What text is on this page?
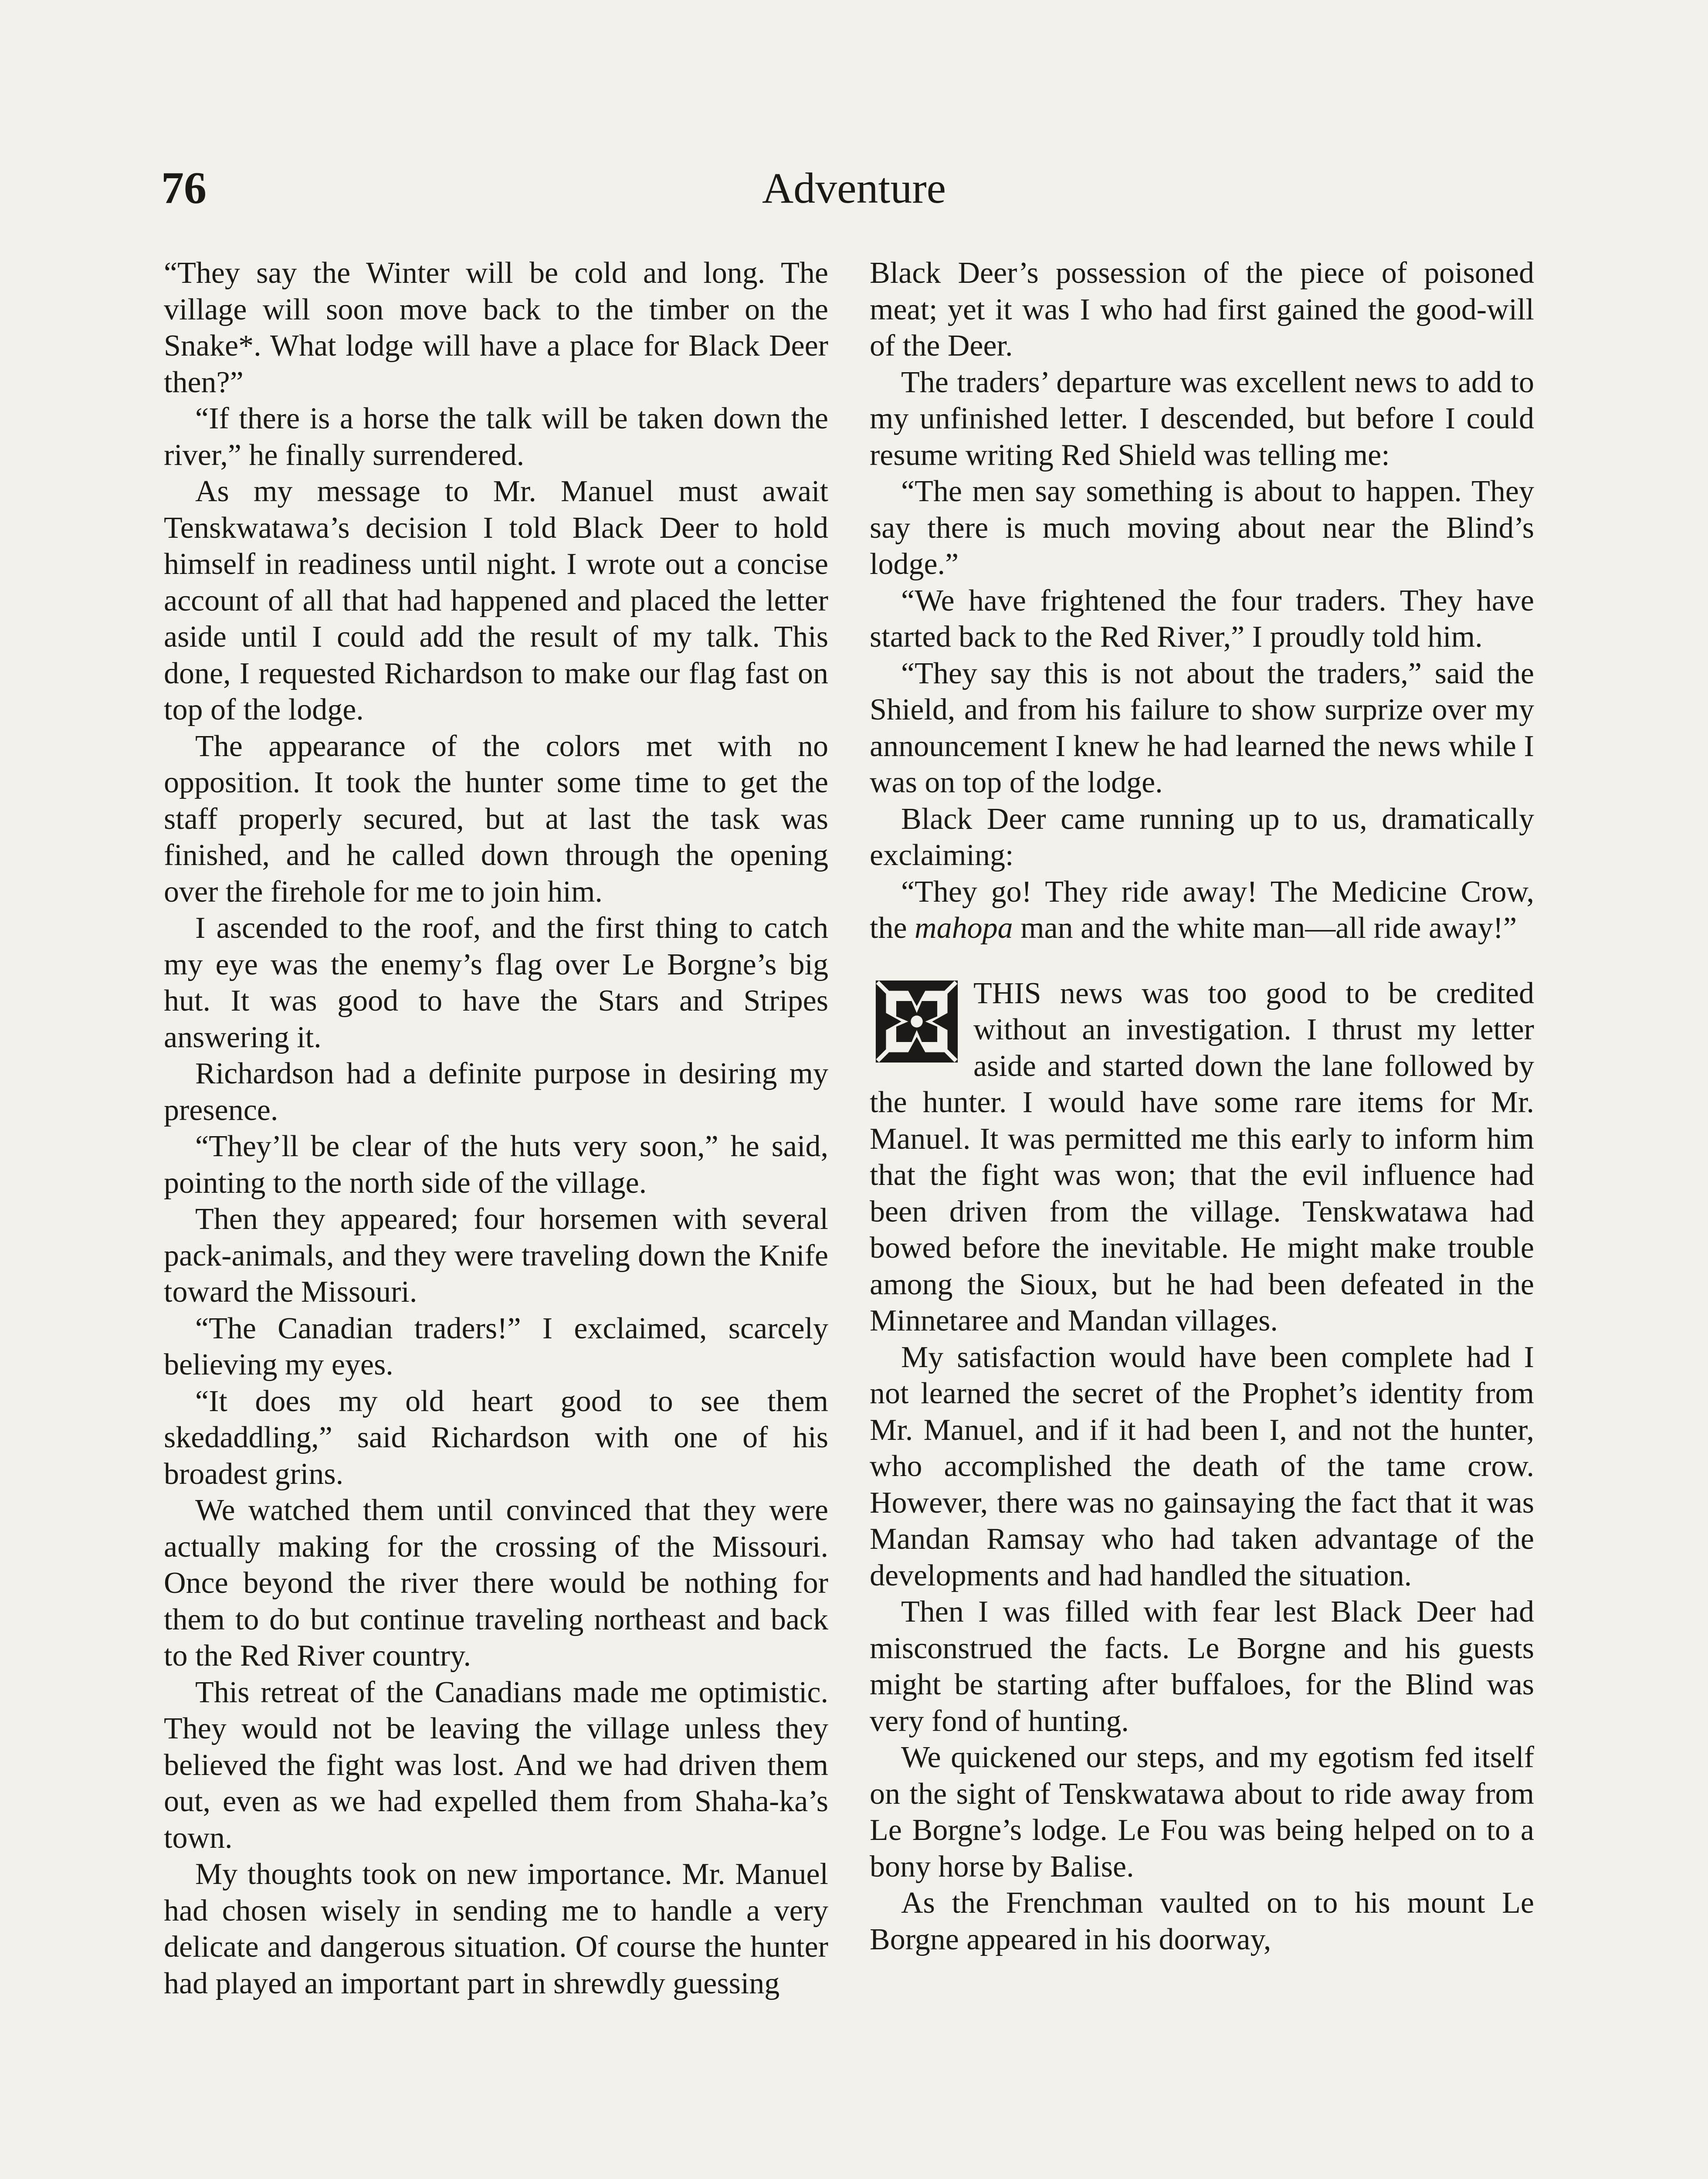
76	Adventure

“They say the Winter will be cold and long. The village will soon move back to the timber on the Snake*. What lodge will have a place for Black Deer then?”

“If there is a horse the talk will be taken down the river,” he finally surrendered.

As my message to Mr. Manuel must await Tenskwatawa’s decision I told Black Deer to hold himself in readiness until night. I wrote out a concise account of all that had happened and placed the letter aside until I could add the result of my talk. This done, I requested Richardson to make our flag fast on top of the lodge.

The appearance of the colors met with no opposition. It took the hunter some time to get the staff properly secured, but at last the task was finished, and he called down through the opening over the firehole for me to join him.

I ascended to the roof, and the first thing to catch my eye was the enemy’s flag over Le Borgne’s big hut. It was good to have the Stars and Stripes answering it.

Richardson had a definite purpose in desiring my presence.

“They’ll be clear of the huts very soon,” he said, pointing to the north side of the village.

Then they appeared; four horsemen with several pack-animals, and they were traveling down the Knife toward the Missouri.

“The Canadian traders!” I exclaimed, scarcely believing my eyes.

“It does my old heart good to see them skedaddling,” said Richardson with one of his broadest grins.

We watched them until convinced that they were actually making for the crossing of the Missouri. Once beyond the river there would be nothing for them to do but continue traveling northeast and back to the Red River country.

This retreat of the Canadians made me optimistic. They would not be leaving the village unless they believed the fight was lost. And we had driven them out, even as we had expelled them from Shaha-ka’s town.

My thoughts took on new importance. Mr. Manuel had chosen wisely in sending me to handle a very delicate and dangerous situation. Of course the hunter had played an important part in shrewdly guessing

Black Deer’s possession of the piece of poisoned meat; yet it was I who had first gained the good-will of the Deer.

The traders’ departure was excellent news to add to my unfinished letter. I descended, but before I could resume writing Red Shield was telling me:

“The men say something is about to happen. They say there is much moving about near the Blind’s lodge.”

“We have frightened the four traders. They have started back to the Red River,” I proudly told him.

“They say this is not about the traders,” said the Shield, and from his failure to show surprize over my announcement I knew he had learned the news while I was on top of the lodge.

Black Deer came running up to us, dramatically exclaiming:

“They go! They ride away! The Medicine Crow, the mahopa man and the white man—all ride away!”

THIS news was too good to be credited without an investigation. I thrust my letter aside and started down the lane followed by the hunter. I would have some rare items for Mr. Manuel. It was permitted me this early to inform him that the fight was won; that the evil influence had been driven from the village. Tenskwatawa had bowed before the inevitable. He might make trouble among the Sioux, but he had been defeated in the Minnetaree and Mandan villages.

My satisfaction would have been complete had I not learned the secret of the Prophet’s identity from Mr. Manuel, and if it had been I, and not the hunter, who accomplished the death of the tame crow. However, there was no gainsaying the fact that it was Mandan Ramsay who had taken advantage of the developments and had handled the situation.

Then I was filled with fear lest Black Deer had misconstrued the facts. Le Borgne and his guests might be starting after buffaloes, for the Blind was very fond of hunting.

We quickened our steps, and my egotism fed itself on the sight of Tenskwatawa about to ride away from Le Borgne’s lodge. Le Fou was being helped on to a bony horse by Balise.

As the Frenchman vaulted on to his mount Le Borgne appeared in his doorway,
